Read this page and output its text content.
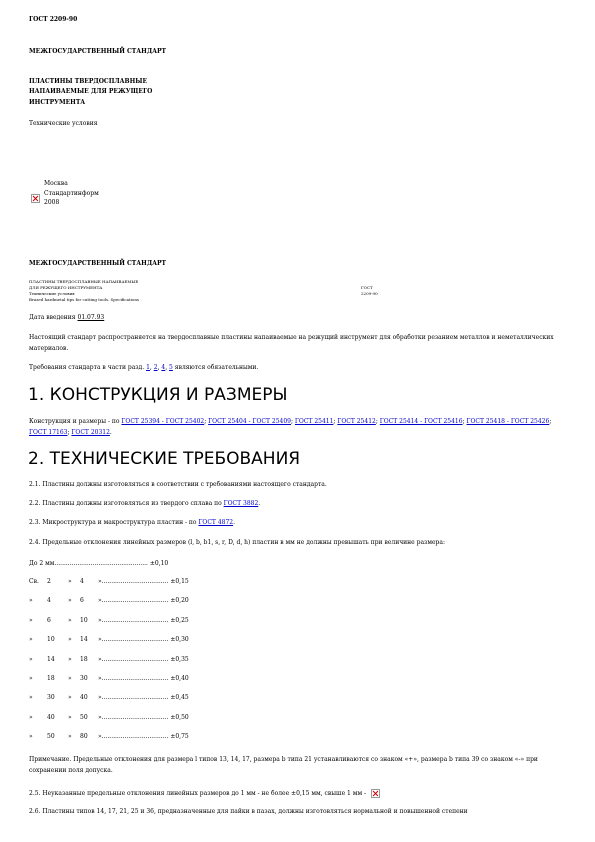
ГОСТ 2209-90
МЕЖГОСУДАРСТВЕННЫЙ СТАНДАРТ
ПЛАСТИНЫ ТВЕРДОСПЛАВНЫЕ
НАПАИВАЕМЫЕ ДЛЯ РЕЖУЩЕГО
ИНСТРУМЕНТА
Технические условия
Москва
Стандартинформ
2008
МЕЖГОСУДАРСТВЕННЫЙ СТАНДАРТ
ПЛАСТИНЫ ТВЕРДОСПЛАВНЫЕ НАПАИВАЕМЫЕ
ДЛЯ РЕЖУЩЕГО ИНСТРУМЕНТА
Технические условия
Brazed hardmetal tips for cutting tools. Specifications
ГОСТ
2209-90
Дата введения 01.07.93
Настоящий стандарт распространяется на твердосплавные пластины напаиваемые на режущий инструмент для обработки резанием металлов и неметаллических материалов.
Требования стандарта в части разд. 1, 2, 4, 5 являются обязательными.
1. КОНСТРУКЦИЯ И РАЗМЕРЫ
Конструкция и размеры - по ГОСТ 25394 - ГОСТ 25402; ГОСТ 25404 - ГОСТ 25409; ГОСТ 25411; ГОСТ 25412; ГОСТ 25414 - ГОСТ 25416; ГОСТ 25418 - ГОСТ 25426; ГОСТ 17163; ГОСТ 20312.
2. ТЕХНИЧЕСКИЕ ТРЕБОВАНИЯ
2.1. Пластины должны изготовляться в соответствии с требованиями настоящего стандарта.
2.2. Пластины должны изготовляться из твердого сплава по ГОСТ 3882.
2.3. Микроструктура и макроструктура пластин - по ГОСТ 4872.
2.4. Предельные отклонения линейных размеров (l, b, b1, s, r, D, d, h) пластин в мм не должны превышать при величине размера:
До 2 мм................................................. ±0,10
Св. 2	» 4 »................................... ±0,15
» 4	» 6 »................................... ±0,20
» 6	» 10 »................................... ±0,25
» 10 » 14 »................................... ±0,30
» 14 » 18 »................................... ±0,35
» 18 » 30 »................................... ±0,40
» 30 » 40 »................................... ±0,45
» 40 » 50 »................................... ±0,50
» 50 » 80 »................................... ±0,75
Примечание. Предельные отклонения для размера l типов 13, 14, 17, размера b типа 21 устанавливаются со знаком «+», размера b типа 39 со знаком «-» при сохранении поля допуска.
2.5. Неуказанные предельные отклонения линейных размеров до 1 мм - не более ±0,15 мм, свыше 1 мм -
2.6. Пластины типов 14, 17, 21, 25 и 36, предназначенные для пайки в пазах, должны изготовляться нормальной и повышенной степени
